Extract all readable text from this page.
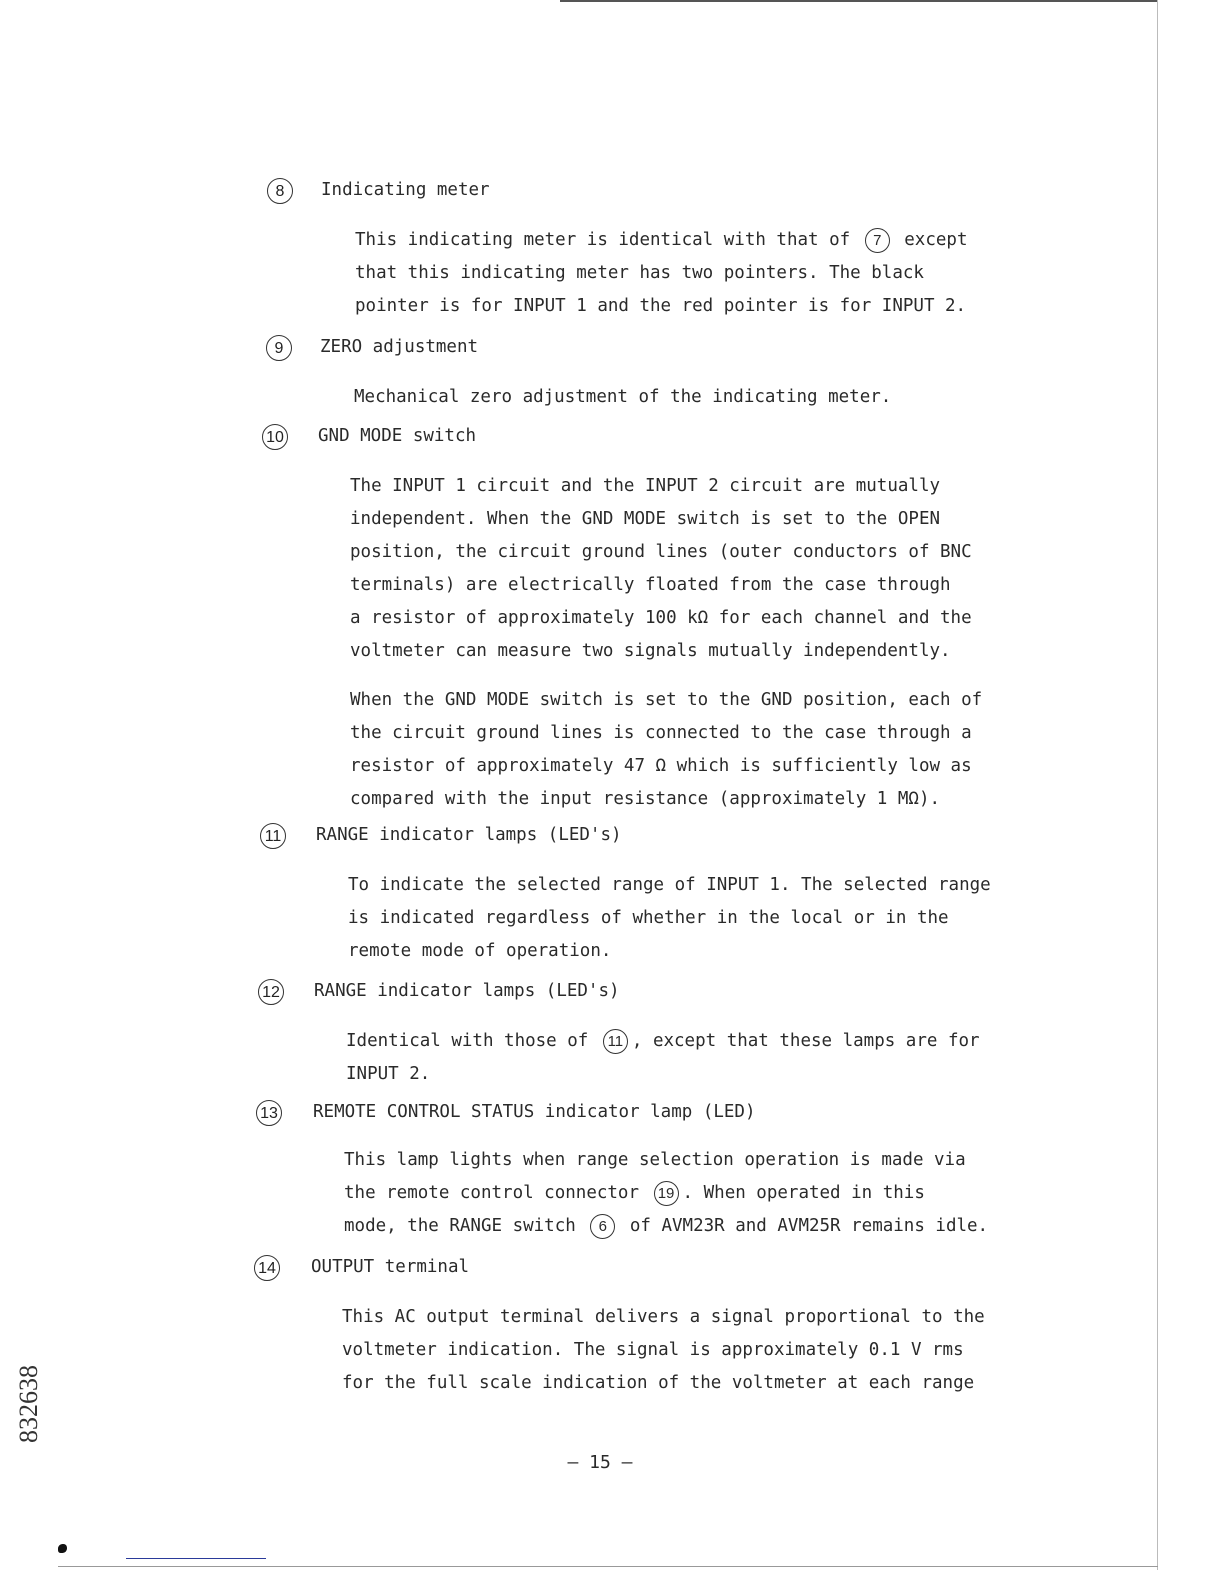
8	Indicating meter
This indicating meter is identical with that of 7 except
that this indicating meter has two pointers. The black
pointer is for INPUT 1 and the red pointer is for INPUT 2.
9	ZERO adjustment
Mechanical zero adjustment of the indicating meter.
10 GND MODE switch
The INPUT 1 circuit and the INPUT 2 circuit are mutually
independent. When the GND MODE switch is set to the OPEN
position, the circuit ground lines (outer conductors of BNC
terminals) are electrically floated from the case through
a resistor of approximately 100 kΩ for each channel and the
voltmeter can measure two signals mutually independently.
When the GND MODE switch is set to the GND position, each of
the circuit ground lines is connected to the case through a
resistor of approximately 47 Ω which is sufficiently low as
compared with the input resistance (approximately 1 MΩ).
11 RANGE indicator lamps (LED's)
To indicate the selected range of INPUT 1. The selected range
is indicated regardless of whether in the local or in the
remote mode of operation.
12 RANGE indicator lamps (LED's)
Identical with those of 11 , except that these lamps are for
INPUT 2.
13 REMOTE CONTROL STATUS indicator lamp (LED)
This lamp lights when range selection operation is made via
the remote control connector 19 . When operated in this
mode, the RANGE switch 6 of AVM23R and AVM25R remains idle.
14 OUTPUT terminal
This AC output terminal delivers a signal proportional to the
voltmeter indication. The signal is approximately 0.1 V rms
for the full scale indication of the voltmeter at each range
– 15 –
832638
